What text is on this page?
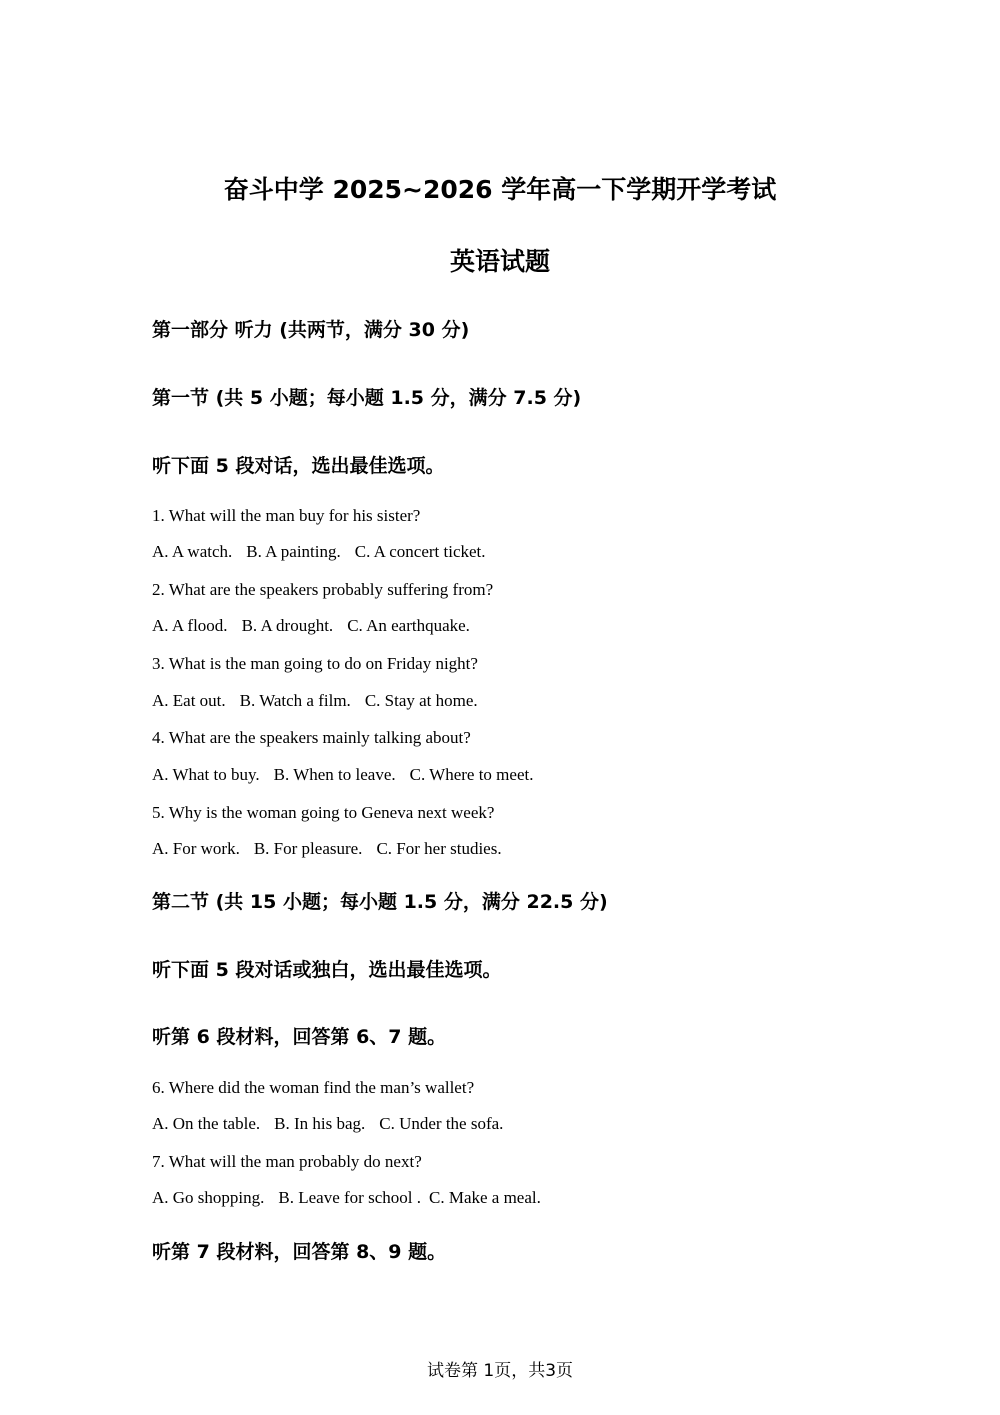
奋斗中学 2025~2026 学年高一下学期开学考试
英语试题
第一部分 听力 (共两节，满分 30 分)
第一节 (共 5 小题；每小题 1.5 分，满分 7.5 分)
听下面 5 段对话，选出最佳选项。
1. What will the man buy for his sister?
A. A watch. B. A painting. C. A concert ticket.
2. What are the speakers probably suffering from?
A. A flood. B. A drought. C. An earthquake.
3. What is the man going to do on Friday night?
A. Eat out. B. Watch a film. C. Stay at home.
4. What are the speakers mainly talking about?
A. What to buy. B. When to leave. C. Where to meet.
5. Why is the woman going to Geneva next week?
A. For work. B. For pleasure. C. For her studies.
第二节 (共 15 小题；每小题 1.5 分，满分 22.5 分)
听下面 5 段对话或独白，选出最佳选项。
听第 6 段材料，回答第 6、7 题。
6. Where did the woman find the man’s wallet?
A. On the table. B. In his bag. C. Under the sofa.
7. What will the man probably do next?
A. Go shopping. B. Leave for school . C. Make a meal.
听第 7 段材料，回答第 8、9 题。
试卷第 1页，共3页
